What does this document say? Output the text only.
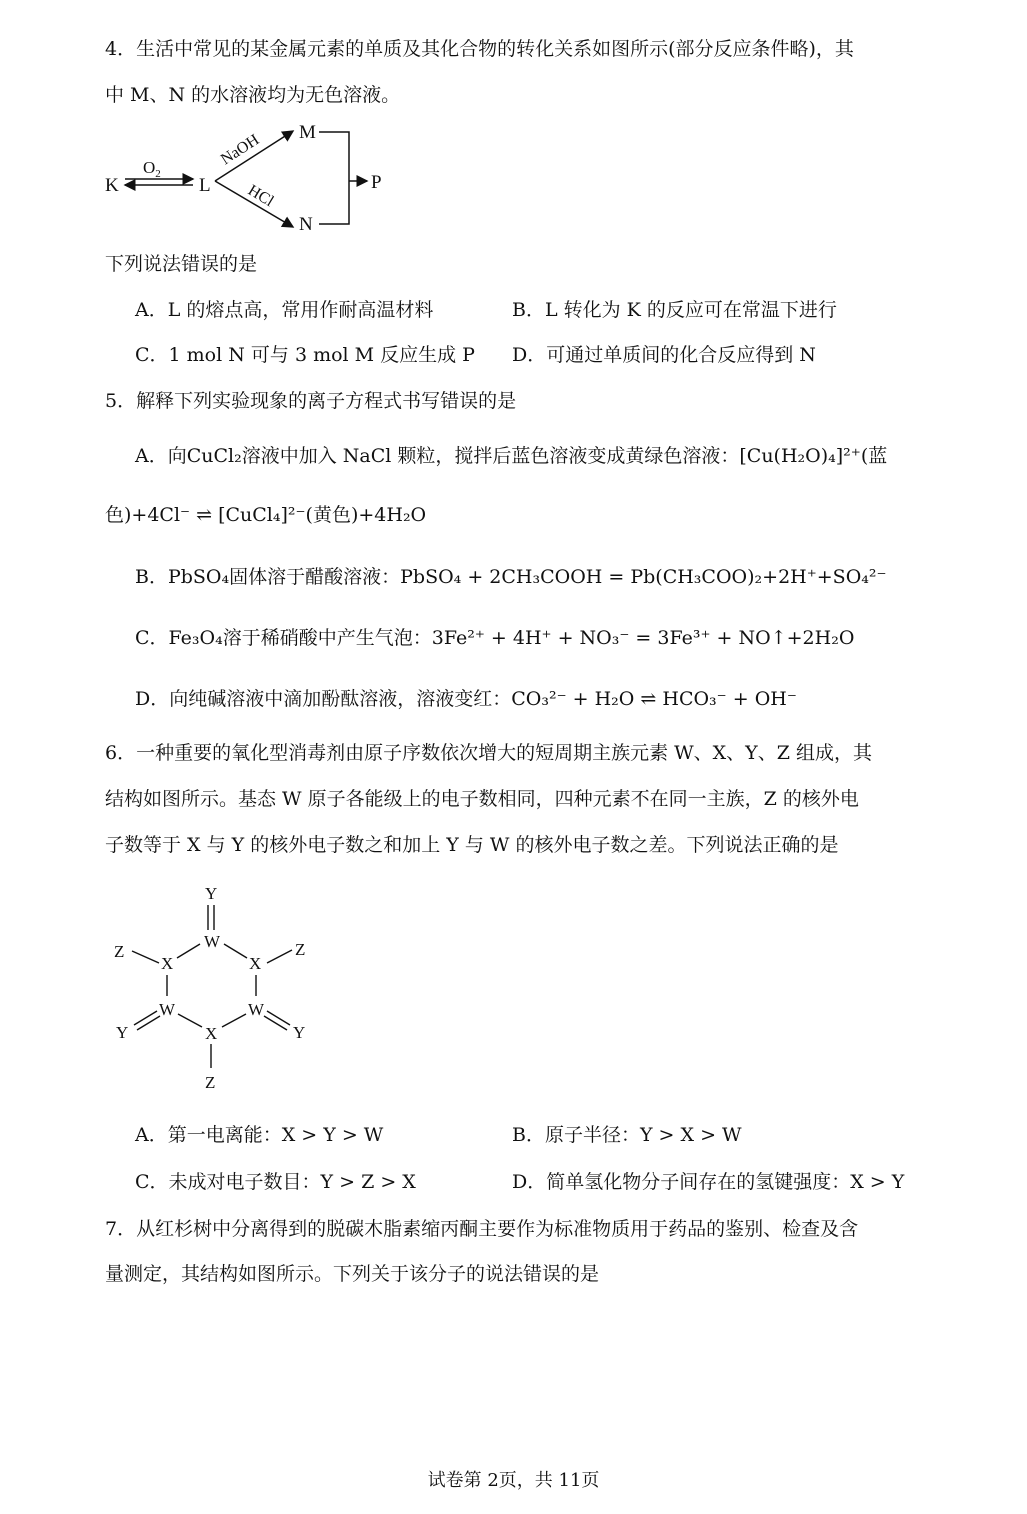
4．生活中常见的某金属元素的单质及其化合物的转化关系如图所示(部分反应条件略)，其
中 M、N 的水溶液均为无色溶液。
K
$O_2$
L
NaOH
HCl
M
N
P
下列说法错误的是
A．L 的熔点高，常用作耐高温材料	B．L 转化为 K 的反应可在常温下进行
C．1 mol N 可与 3 mol M 反应生成 P D．可通过单质间的化合反应得到 N
5．解释下列实验现象的离子方程式书写错误的是
A．向CuCl₂溶液中加入 NaCl 颗粒，搅拌后蓝色溶液变成黄绿色溶液：[Cu(H₂O)₄]²⁺(蓝
色)+4Cl⁻ ⇌ [CuCl₄]²⁻(黄色)+4H₂O
B．PbSO₄固体溶于醋酸溶液：PbSO₄ + 2CH₃COOH = Pb(CH₃COO)₂+2H⁺+SO₄²⁻
C．Fe₃O₄溶于稀硝酸中产生气泡：3Fe²⁺ + 4H⁺ + NO₃⁻ = 3Fe³⁺ + NO↑+2H₂O
D．向纯碱溶液中滴加酚酞溶液，溶液变红：CO₃²⁻ + H₂O ⇌ HCO₃⁻ + OH⁻
6．一种重要的氧化型消毒剂由原子序数依次增大的短周期主族元素 W、X、Y、Z 组成，其
结构如图所示。基态 W 原子各能级上的电子数相同，四种元素不在同一主族，Z 的核外电
子数等于 X 与 Y 的核外电子数之和加上 Y 与 W 的核外电子数之差。下列说法正确的是
Y
W
X	X
Z	Z
W	W
Y	Y
X
Z
A．第一电离能：X > Y > W	B．原子半径：Y > X > W
C．未成对电子数目：Y > Z > X	D．简单氢化物分子间存在的氢键强度：X > Y
7．从红杉树中分离得到的脱碳木脂素缩丙酮主要作为标准物质用于药品的鉴别、检查及含
量测定，其结构如图所示。下列关于该分子的说法错误的是
试卷第 2页，共 11页
